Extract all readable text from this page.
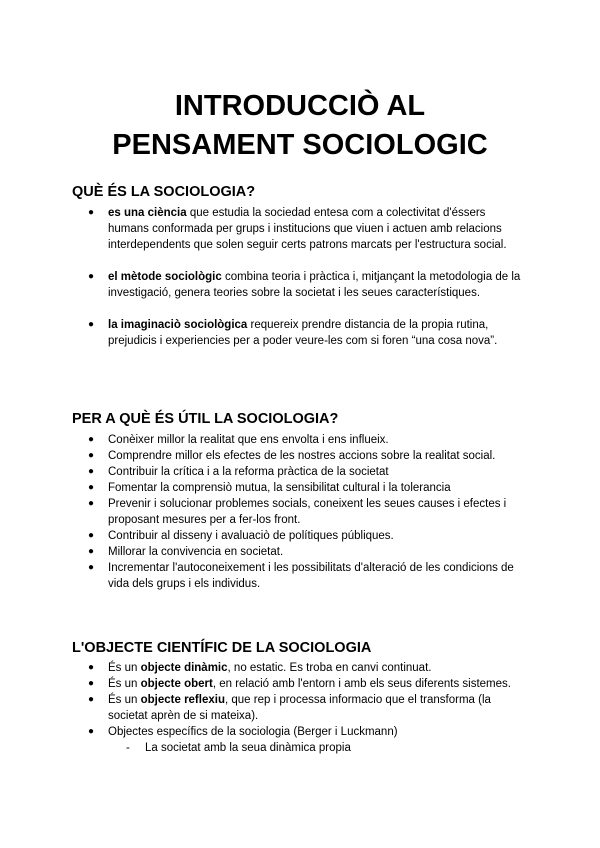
INTRODUCCIÒ AL
PENSAMENT SOCIOLOGIC
QUÈ ÉS LA SOCIOLOGIA?
● es una ciència que estudia la sociedad entesa com a colectivitat d'éssers humans conformada per grups i institucions que viuen i actuen amb relacions interdependents que solen seguir certs patrons marcats per l'estructura social.
● el mètode sociològic combina teoria i pràctica i, mitjançant la metodologia de la investigació, genera teories sobre la societat i les seues característiques.
● la imaginaciò sociològica requereix prendre distancia de la propia rutina, prejudicis i experiencies per a poder veure-les com si foren “una cosa nova”.
PER A QUÈ ÉS ÚTIL LA SOCIOLOGIA?
● Conèixer millor la realitat que ens envolta i ens influeix.
● Comprendre millor els efectes de les nostres accions sobre la realitat social.
● Contribuir la crítica i a la reforma pràctica de la societat
● Fomentar la comprensiò mutua, la sensibilitat cultural i la tolerancia
● Prevenir i solucionar problemes socials, coneixent les seues causes i efectes i proposant mesures per a fer-los front.
● Contribuir al disseny i avaluaciò de polítiques públiques.
● Millorar la convivencia en societat.
● Incrementar l'autoconeixement i les possibilitats d'alteració de les condicions de vida dels grups i els individus.
L'OBJECTE CIENTÍFIC DE LA SOCIOLOGIA
● És un objecte dinàmic, no estatic. Es troba en canvi continuat.
● És un objecte obert, en relació amb l'entorn i amb els seus diferents sistemes.
● És un objecte reflexiu, que rep i processa informacio que el transforma (la societat aprèn de si mateixa).
● Objectes específics de la sociologia (Berger i Luckmann)
- La societat amb la seua dinàmica propia
